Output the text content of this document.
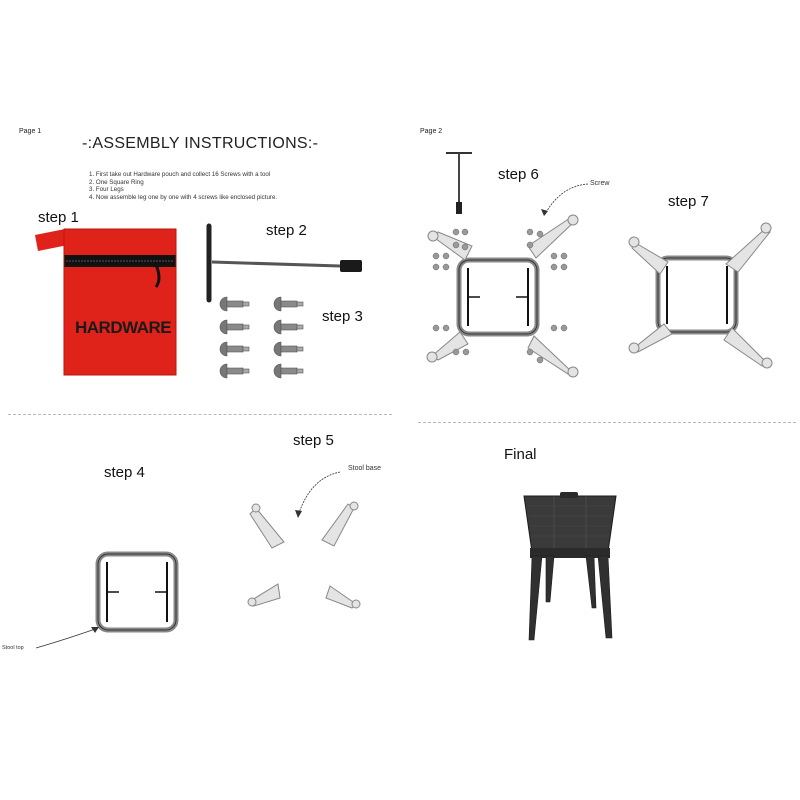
Page 1
-:ASSEMBLY INSTRUCTIONS:-
1. First take out Hardware pouch and collect 16 Screws with a tool
2. One Square Ring
3. Four Legs
4. Now assemble leg one by one with 4 screws like enclosed picture.
step 1
step 2
step 3
HARDWARE
Page 2
step 6
step 7
Screw
step 4
step 5
Stool base
Stool top
Final
